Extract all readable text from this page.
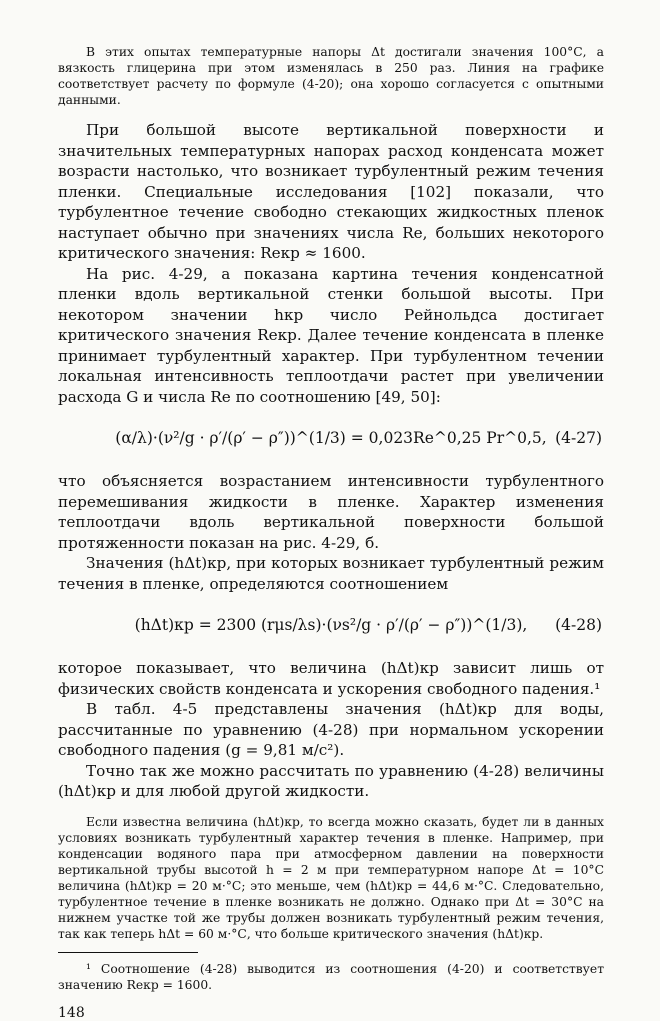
В этих опытах температурные напоры Δt достигали значения 100°С, а вязкость глицерина при этом изменялась в 250 раз. Линия на графике соответствует расчету по формуле (4-20); она хорошо согласуется с опытными данными.

При большой высоте вертикальной поверхности и значительных температурных напорах расход конденсата может возрасти настолько, что возникает турбулентный режим течения пленки. Специальные исследования [102] показали, что турбулентное течение свободно стекающих жидкостных пленок наступает обычно при значениях числа Re, больших некоторого критического значения: Reкр ≈ 1600.

На рис. 4-29, а показана картина течения конденсатной пленки вдоль вертикальной стенки большой высоты. При некотором значении hкр число Рейнольдса достигает критического значения Reкр. Далее течение конденсата в пленке принимает турбулентный характер. При турбулентном течении локальная интенсивность теплоотдачи растет при увеличении расхода G и числа Re по соотношению [49, 50]:

(α/λ)·(ν²/g · ρ′/(ρ′ − ρ″))^(1/3) = 0,023Re^0,25 Pr^0,5, (4-27)

что объясняется возрастанием интенсивности турбулентного перемешивания жидкости в пленке. Характер изменения теплоотдачи вдоль вертикальной поверхности большой протяженности показан на рис. 4-29, б.

Значения (hΔt)кр, при которых возникает турбулентный режим течения в пленке, определяются соотношением

(hΔt)кр = 2300 (rμs/λs)·(νs²/g · ρ′/(ρ′ − ρ″))^(1/3),	(4-28)

которое показывает, что величина (hΔt)кр зависит лишь от физических свойств конденсата и ускорения свободного падения.¹

В табл. 4-5 представлены значения (hΔt)кр для воды, рассчитанные по уравнению (4-28) при нормальном ускорении свободного падения (g = 9,81 м/с²).

Точно так же можно рассчитать по уравнению (4-28) величины (hΔt)кр и для любой другой жидкости.

Если известна величина (hΔt)кр, то всегда можно сказать, будет ли в данных условиях возникать турбулентный характер течения в пленке. Например, при конденсации водяного пара при атмосферном давлении на поверхности вертикальной трубы высотой h = 2 м при температурном напоре Δt = 10°С величина (hΔt)кр = 20 м·°С; это меньше, чем (hΔt)кр = 44,6 м·°С. Следовательно, турбулентное течение в пленке возникать не должно. Однако при Δt = 30°С на нижнем участке той же трубы должен возникать турбулентный режим течения, так как теперь hΔt = 60 м·°С, что больше критического значения (hΔt)кр.

¹ Соотношение (4-28) выводится из соотношения (4-20) и соответствует значению Reкр = 1600.

148
